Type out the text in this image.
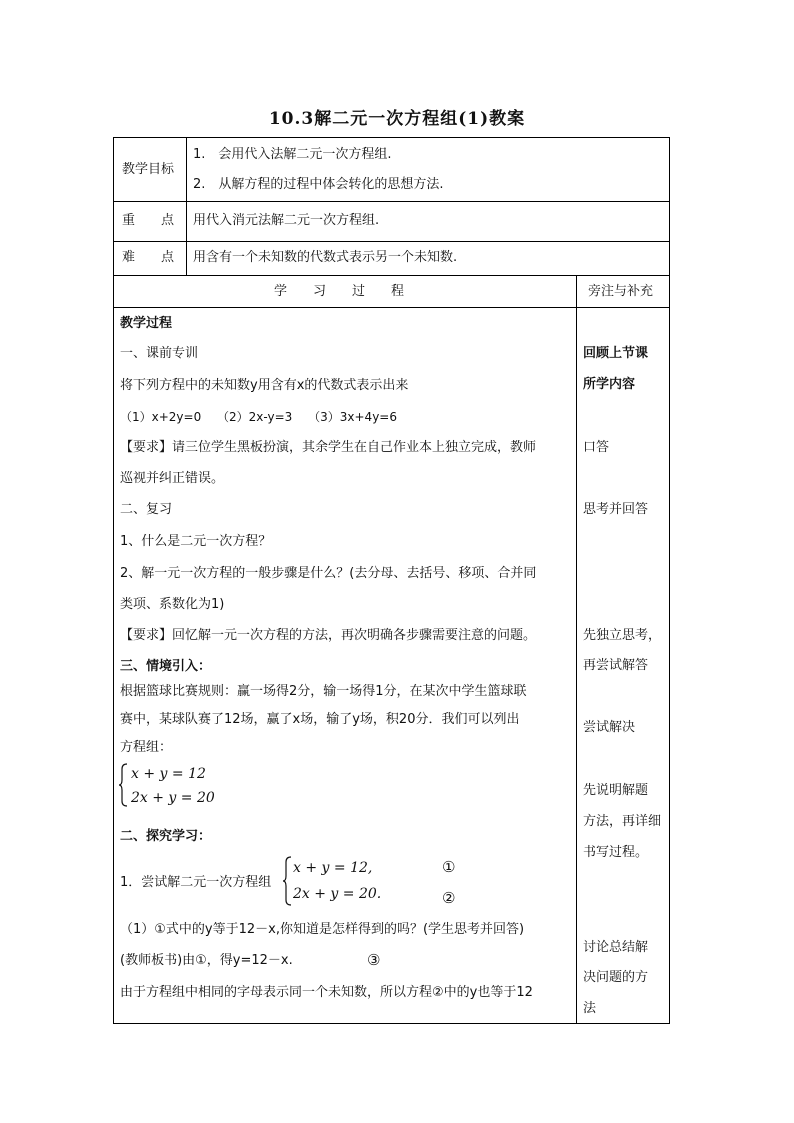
10.3解二元一次方程组(1)教案
教学目标
1.　会用代入法解二元一次方程组.
2.　从解方程的过程中体会转化的思想方法.
重　　点 用代入消元法解二元一次方程组.
难　　点 用含有一个未知数的代数式表示另一个未知数.
学习过程	旁注与补充
教学过程
一、课前专训
将下列方程中的未知数y用含有x的代数式表示出来
（1）x+2y=0　 （2）2x-y=3　 （3）3x+4y=6
【要求】请三位学生黑板扮演，其余学生在自己作业本上独立完成，教师
巡视并纠正错误。
二、复习
1、什么是二元一次方程？
2、解一元一次方程的一般步骤是什么？(去分母、去括号、移项、合并同
类项、系数化为1)
【要求】回忆解一元一次方程的方法，再次明确各步骤需要注意的问题。
三、情境引入：
根据篮球比赛规则：赢一场得2分，输一场得1分，在某次中学生篮球联
赛中，某球队赛了12场，赢了x场，输了y场，积20分．我们可以列出
方程组：
x + y = 12
2x + y = 20
二、探究学习：
1．尝试解二元一次方程组
x + y = 12,
2x + y = 20.
①
②
（1）①式中的y等于12－x,你知道是怎样得到的吗？(学生思考并回答)
(教师板书)由①，得y=12－x.	③
由于方程组中相同的字母表示同一个未知数，所以方程②中的y也等于12
回顾上节课
所学内容
口答
思考并回答
先独立思考，
再尝试解答
尝试解决
先说明解题
方法，再详细
书写过程。
讨论总结解
决问题的方
法
